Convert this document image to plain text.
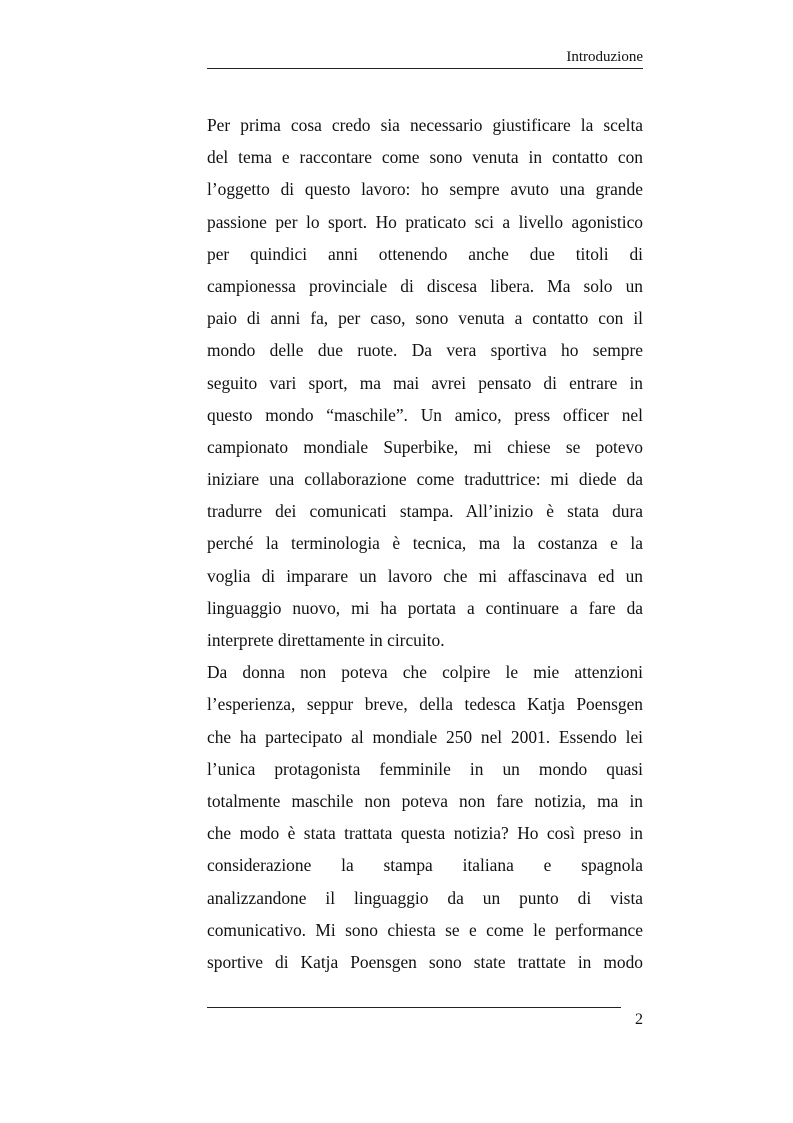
Introduzione
Per prima cosa credo sia necessario giustificare la scelta
del tema e raccontare come sono venuta in contatto con
l’oggetto di questo lavoro: ho sempre avuto una grande
passione per lo sport. Ho praticato sci a livello agonistico
per quindici anni ottenendo anche due titoli di
campionessa provinciale di discesa libera. Ma solo un
paio di anni fa, per caso, sono venuta a contatto con il
mondo delle due ruote. Da vera sportiva ho sempre
seguito vari sport, ma mai avrei pensato di entrare in
questo mondo “maschile”. Un amico, press officer nel
campionato mondiale Superbike, mi chiese se potevo
iniziare una collaborazione come traduttrice: mi diede da
tradurre dei comunicati stampa. All’inizio è stata dura
perché la terminologia è tecnica, ma la costanza e la
voglia di imparare un lavoro che mi affascinava ed un
linguaggio nuovo, mi ha portata a continuare a fare da
interprete direttamente in circuito.
Da donna non poteva che colpire le mie attenzioni
l’esperienza, seppur breve, della tedesca Katja Poensgen
che ha partecipato al mondiale 250 nel 2001. Essendo lei
l’unica protagonista femminile in un mondo quasi
totalmente maschile non poteva non fare notizia, ma in
che modo è stata trattata questa notizia? Ho così preso in
considerazione la stampa italiana e spagnola
analizzandone il linguaggio da un punto di vista
comunicativo. Mi sono chiesta se e come le performance
sportive di Katja Poensgen sono state trattate in modo
2
